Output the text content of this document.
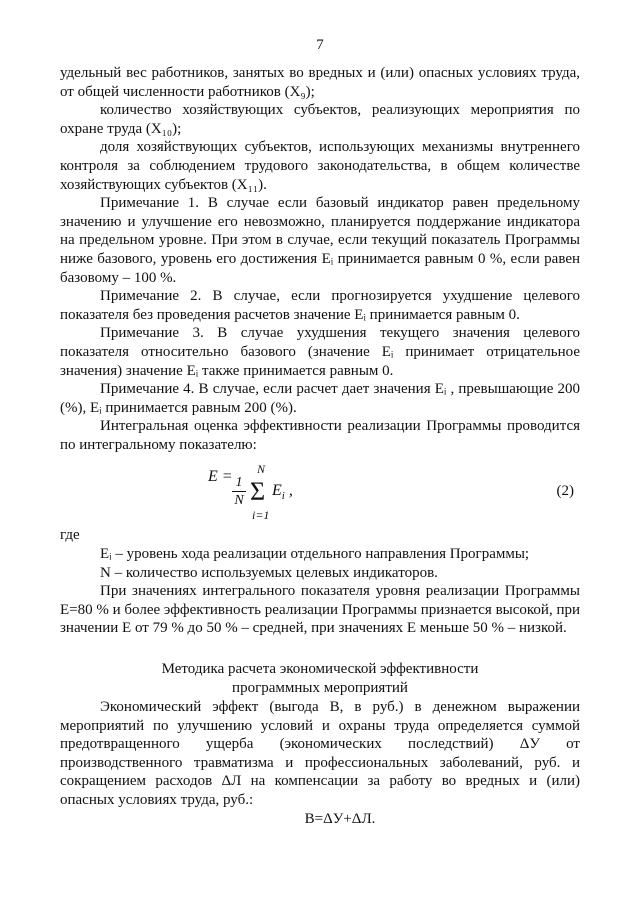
7

удельный вес работников, занятых во вредных и (или) опасных условиях труда, от общей численности работников (X₉);

количество хозяйствующих субъектов, реализующих мероприятия по охране труда (X₁₀);

доля хозяйствующих субъектов, использующих механизмы внутреннего контроля за соблюдением трудового законодательства, в общем количестве хозяйствующих субъектов (X₁₁).

Примечание 1. В случае если базовый индикатор равен предельному значению и улучшение его невозможно, планируется поддержание индикатора на предельном уровне. При этом в случае, если текущий показатель Программы ниже базового, уровень его достижения Eᵢ принимается равным 0 %, если равен базовому – 100 %.

Примечание 2. В случае, если прогнозируется ухудшение целевого показателя без проведения расчетов значение Eᵢ принимается равным 0.

Примечание 3. В случае ухудшения текущего значения целевого показателя относительно базового (значение Eᵢ принимает отрицательное значения) значение Eᵢ также принимается равным 0.

Примечание 4. В случае, если расчет дает значения Eᵢ , превышающие 200 (%), Eᵢ принимается равным 200 (%).

Интегральная оценка эффективности реализации Программы проводится по интегральному показателю:

$E = \frac{1}{N}$
N
Σ
i=1
$E_i$ ,	(2)

где

Eᵢ – уровень хода реализации отдельного направления Программы;

N – количество используемых целевых индикаторов.

При значениях интегрального показателя уровня реализации Программы E=80 % и более эффективность реализации Программы признается высокой, при значении E от 79 % до 50 % – средней, при значениях E меньше 50 % – низкой.

Методика расчета экономической эффективности
программных мероприятий

Экономический эффект (выгода В, в руб.) в денежном выражении мероприятий по улучшению условий и охраны труда определяется суммой предотвращенного ущерба (экономических последствий) ΔУ от производственного травматизма и профессиональных заболеваний, руб. и сокращением расходов ΔЛ на компенсации за работу во вредных и (или) опасных условиях труда, руб.:

В=ΔУ+ΔЛ.
